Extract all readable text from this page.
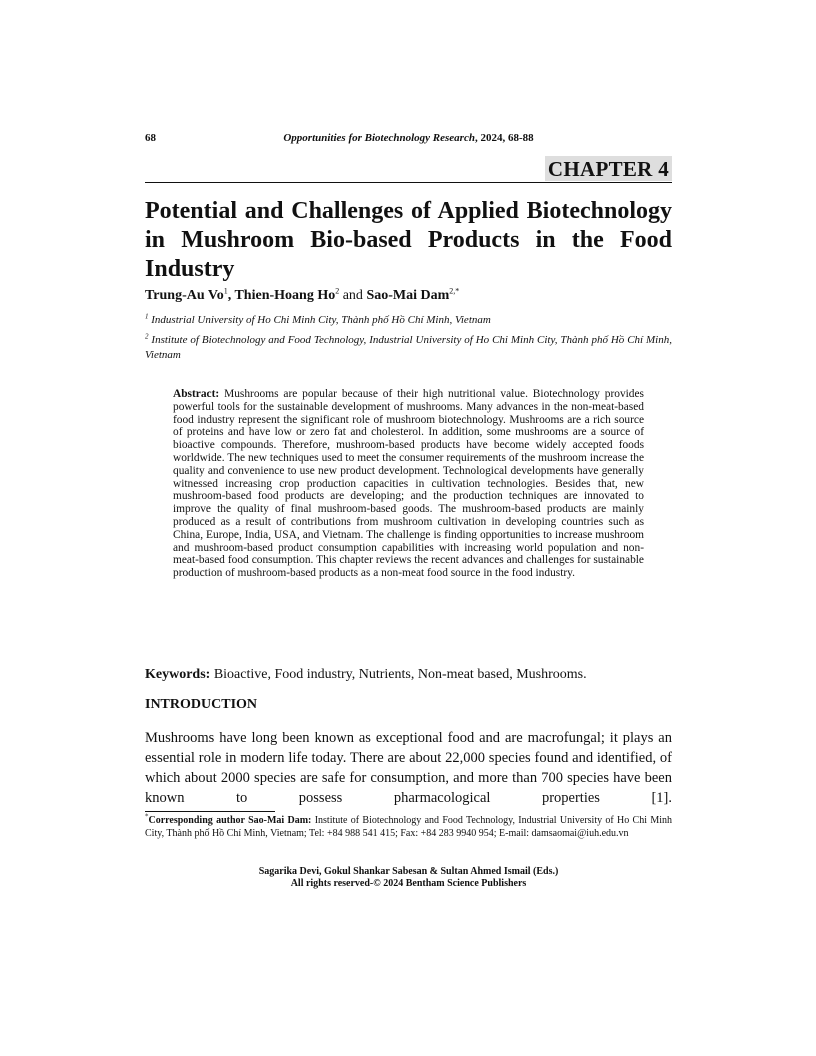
68	Opportunities for Biotechnology Research, 2024, 68-88
CHAPTER 4
Potential and Challenges of Applied Biotechnology in Mushroom Bio-based Products in the Food Industry
Trung-Au Vo$^1$, Thien-Hoang Ho$^2$ and Sao-Mai Dam$^{2,*}$
$^1$ Industrial University of Ho Chi Minh City, Thành phố Hồ Chí Minh, Vietnam
$^2$ Institute of Biotechnology and Food Technology, Industrial University of Ho Chi Minh City, Thành phố Hồ Chí Minh, Vietnam

Abstract: Mushrooms are popular because of their high nutritional value. Biotechnology provides powerful tools for the sustainable development of mushrooms. Many advances in the non-meat-based food industry represent the significant role of mushroom biotechnology. Mushrooms are a rich source of proteins and have low or zero fat and cholesterol. In addition, some mushrooms are a source of bioactive compounds. Therefore, mushroom-based products have become widely accepted foods worldwide. The new techniques used to meet the consumer requirements of the mushroom increase the quality and convenience to use new product development. Technological developments have generally witnessed increasing crop production capacities in cultivation technologies. Besides that, new mushroom-based food products are developing; and the production techniques are innovated to improve the quality of final mushroom-based goods. The mushroom-based products are mainly produced as a result of contributions from mushroom cultivation in developing countries such as China, Europe, India, USA, and Vietnam. The challenge is finding opportunities to increase mushroom and mushroom-based product consumption capabilities with increasing world population and non-meat-based food consumption. This chapter reviews the recent advances and challenges for sustainable production of mushroom-based products as a non-meat food source in the food industry.

Keywords: Bioactive, Food industry, Nutrients, Non-meat based, Mushrooms.
INTRODUCTION

Mushrooms have long been known as exceptional food and are macrofungal; it plays an essential role in modern life today. There are about 22,000 species found and identified, of which about 2000 species are safe for consumption, and more than 700 species have been known to possess pharmacological properties [1].

*Corresponding author Sao-Mai Dam: Institute of Biotechnology and Food Technology, Industrial University of Ho Chi Minh City, Thành phố Hồ Chí Minh, Vietnam; Tel: +84 988 541 415; Fax: +84 283 9940 954; E-mail: damsaomai@iuh.edu.vn

Sagarika Devi, Gokul Shankar Sabesan & Sultan Ahmed Ismail (Eds.)
All rights reserved-© 2024 Bentham Science Publishers
